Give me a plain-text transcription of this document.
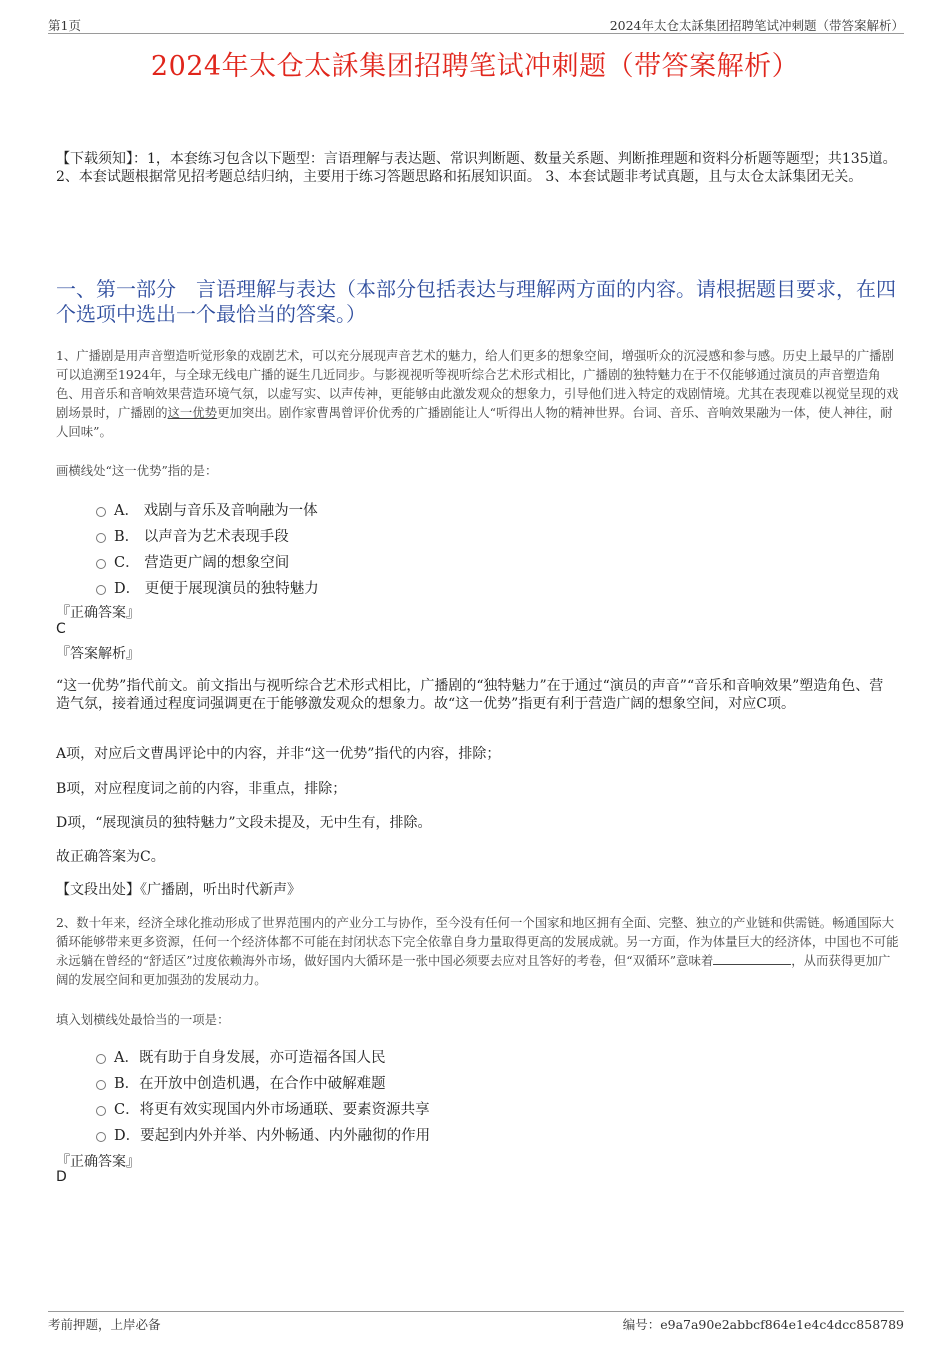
第1页	2024年太仓太訸集团招聘笔试冲刺题（带答案解析）
2024年太仓太訸集团招聘笔试冲刺题（带答案解析）
【下载须知】：1，本套练习包含以下题型：言语理解与表达题、常识判断题、数量关系题、判断推理题和资料分析题等题型；共135道。 2、本套试题根据常见招考题总结归纳，主要用于练习答题思路和拓展知识面。 3、本套试题非考试真题，且与太仓太訸集团无关。
一、第一部分　言语理解与表达（本部分包括表达与理解两方面的内容。请根据题目要求，在四个选项中选出一个最恰当的答案。）
1、广播剧是用声音塑造听觉形象的戏剧艺术，可以充分展现声音艺术的魅力，给人们更多的想象空间，增强听众的沉浸感和参与感。历史上最早的广播剧可以追溯至1924年，与全球无线电广播的诞生几近同步。与影视视听等视听综合艺术形式相比，广播剧的独特魅力在于不仅能够通过演员的声音塑造角色、用音乐和音响效果营造环境气氛，以虚写实、以声传神，更能够由此激发观众的想象力，引导他们进入特定的戏剧情境。尤其在表现难以视觉呈现的戏剧场景时，广播剧的这一优势更加突出。剧作家曹禺曾评价优秀的广播剧能让人“听得出人物的精神世界。台词、音乐、音响效果融为一体，使人神往，耐人回味”。
画横线处“这一优势”指的是：
A． 戏剧与音乐及音响融为一体
B． 以声音为艺术表现手段
C． 营造更广阔的想象空间
D． 更便于展现演员的独特魅力
『正确答案』
C
『答案解析』
“这一优势”指代前文。前文指出与视听综合艺术形式相比，广播剧的“独特魅力”在于通过“演员的声音”“音乐和音响效果”塑造角色、营造气氛，接着通过程度词强调更在于能够激发观众的想象力。故“这一优势”指更有利于营造广阔的想象空间，对应C项。
A项，对应后文曹禺评论中的内容，并非“这一优势”指代的内容，排除；
B项，对应程度词之前的内容，非重点，排除；
D项，“展现演员的独特魅力”文段未提及，无中生有，排除。
故正确答案为C。
【文段出处】《广播剧，听出时代新声》
2、数十年来，经济全球化推动形成了世界范围内的产业分工与协作，至今没有任何一个国家和地区拥有全面、完整、独立的产业链和供需链。畅通国际大循环能够带来更多资源，任何一个经济体都不可能在封闭状态下完全依靠自身力量取得更高的发展成就。另一方面，作为体量巨大的经济体，中国也不可能永远躺在曾经的“舒适区”过度依赖海外市场，做好国内大循环是一张中国必须要去应对且答好的考卷，但“双循环”意味着	，从而获得更加广阔的发展空间和更加强劲的发展动力。
填入划横线处最恰当的一项是：
A．既有助于自身发展，亦可造福各国人民
B．在开放中创造机遇，在合作中破解难题
C．将更有效实现国内外市场通联、要素资源共享
D．要起到内外并举、内外畅通、内外融彻的作用
『正确答案』
D
考前押题，上岸必备	编号：e9a7a90e2abbcf864e1e4c4dcc858789
